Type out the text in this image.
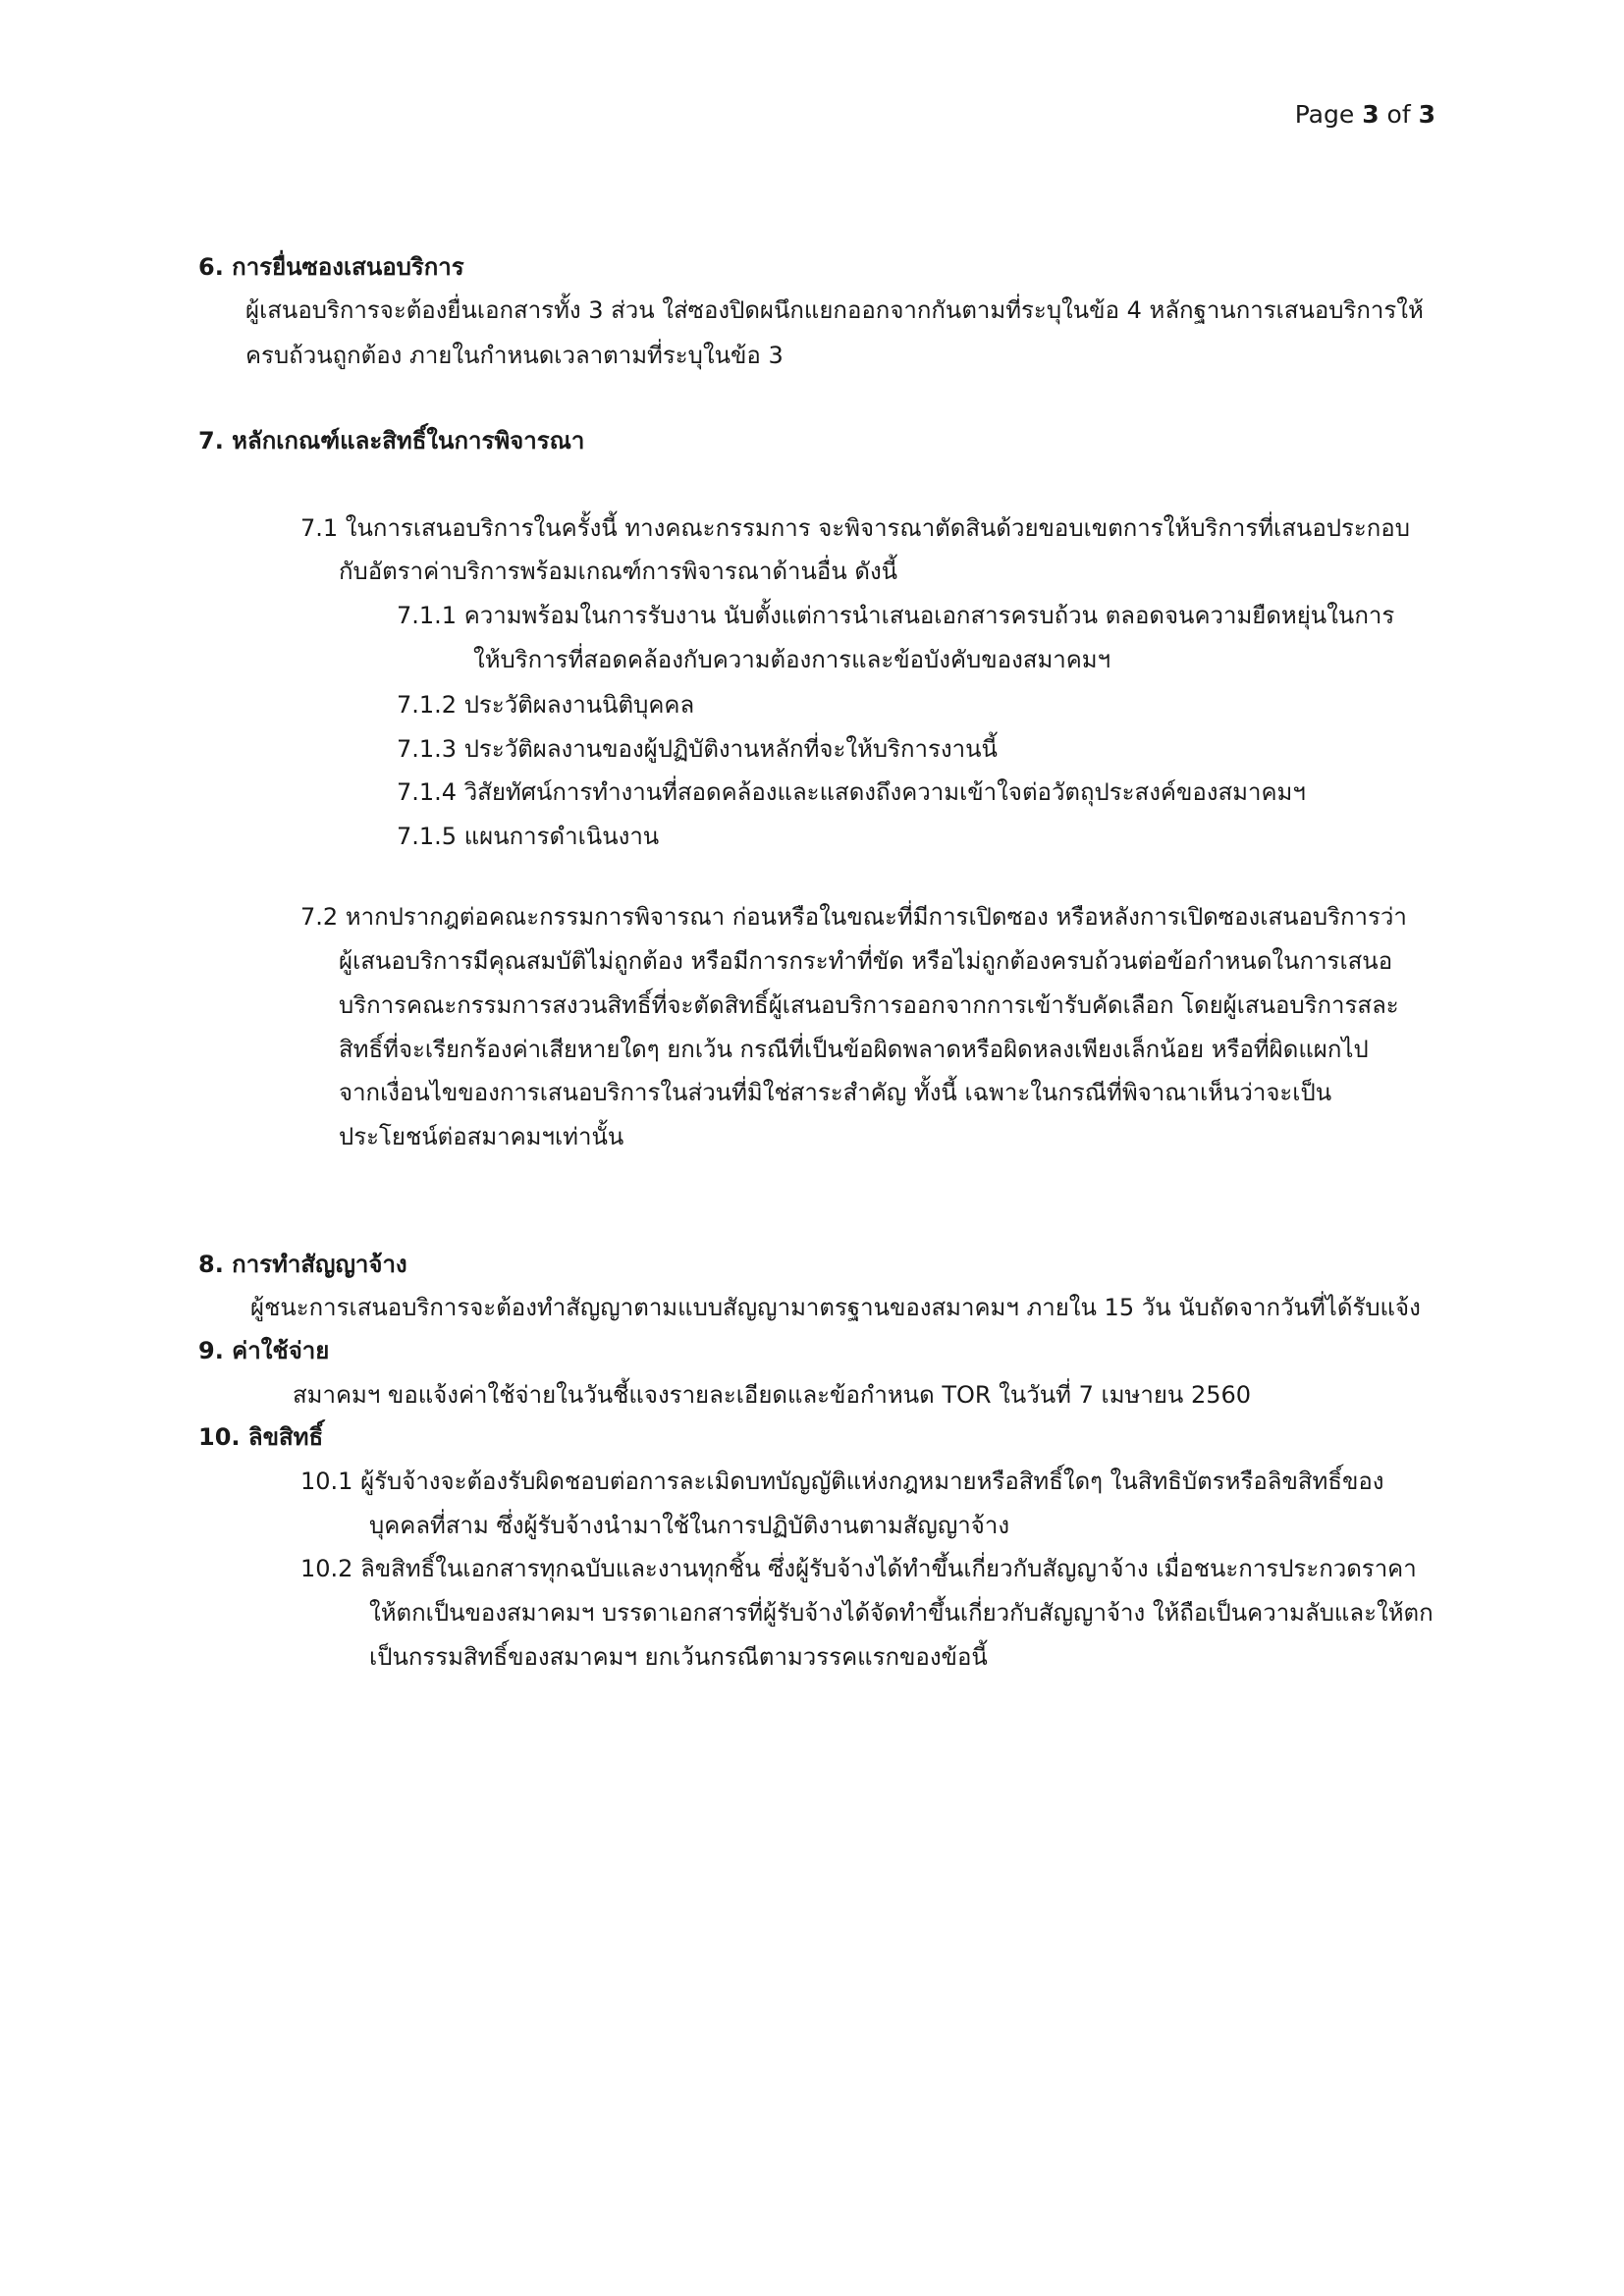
Page 3 of 3
6. การยื่นซองเสนอบริการ
ผู้เสนอบริการจะต้องยื่นเอกสารทั้ง 3 ส่วน ใส่ซองปิดผนึกแยกออกจากกันตามที่ระบุในข้อ 4 หลักฐานการเสนอบริการให้
ครบถ้วนถูกต้อง ภายในกำหนดเวลาตามที่ระบุในข้อ 3
7. หลักเกณฑ์และสิทธิ์ในการพิจารณา
7.1 ในการเสนอบริการในครั้งนี้ ทางคณะกรรมการ จะพิจารณาตัดสินด้วยขอบเขตการให้บริการที่เสนอประกอบ
กับอัตราค่าบริการพร้อมเกณฑ์การพิจารณาด้านอื่น ดังนี้
7.1.1 ความพร้อมในการรับงาน นับตั้งแต่การนำเสนอเอกสารครบถ้วน ตลอดจนความยืดหยุ่นในการ
ให้บริการที่สอดคล้องกับความต้องการและข้อบังคับของสมาคมฯ
7.1.2 ประวัติผลงานนิติบุคคล
7.1.3 ประวัติผลงานของผู้ปฏิบัติงานหลักที่จะให้บริการงานนี้
7.1.4 วิสัยทัศน์การทำงานที่สอดคล้องและแสดงถึงความเข้าใจต่อวัตถุประสงค์ของสมาคมฯ
7.1.5 แผนการดำเนินงาน
7.2 หากปรากฎต่อคณะกรรมการพิจารณา ก่อนหรือในขณะที่มีการเปิดซอง หรือหลังการเปิดซองเสนอบริการว่า
ผู้เสนอบริการมีคุณสมบัติไม่ถูกต้อง หรือมีการกระทำที่ขัด หรือไม่ถูกต้องครบถ้วนต่อข้อกำหนดในการเสนอ
บริการคณะกรรมการสงวนสิทธิ์ที่จะตัดสิทธิ์ผู้เสนอบริการออกจากการเข้ารับคัดเลือก โดยผู้เสนอบริการสละ
สิทธิ์ที่จะเรียกร้องค่าเสียหายใดๆ ยกเว้น กรณีที่เป็นข้อผิดพลาดหรือผิดหลงเพียงเล็กน้อย หรือที่ผิดแผกไป
จากเงื่อนไขของการเสนอบริการในส่วนที่มิใช่สาระสำคัญ ทั้งนี้ เฉพาะในกรณีที่พิจาณาเห็นว่าจะเป็น
ประโยชน์ต่อสมาคมฯเท่านั้น
8. การทำสัญญาจ้าง
ผู้ชนะการเสนอบริการจะต้องทำสัญญาตามแบบสัญญามาตรฐานของสมาคมฯ ภายใน 15 วัน นับถัดจากวันที่ได้รับแจ้ง
9. ค่าใช้จ่าย
สมาคมฯ ขอแจ้งค่าใช้จ่ายในวันชี้แจงรายละเอียดและข้อกำหนด TOR ในวันที่ 7 เมษายน 2560
10. ลิขสิทธิ์
10.1 ผู้รับจ้างจะต้องรับผิดชอบต่อการละเมิดบทบัญญัติแห่งกฎหมายหรือสิทธิ์ใดๆ ในสิทธิบัตรหรือลิขสิทธิ์ของ
บุคคลที่สาม ซึ่งผู้รับจ้างนำมาใช้ในการปฏิบัติงานตามสัญญาจ้าง
10.2 ลิขสิทธิ์ในเอกสารทุกฉบับและงานทุกชิ้น ซึ่งผู้รับจ้างได้ทำขึ้นเกี่ยวกับสัญญาจ้าง เมื่อชนะการประกวดราคา
ให้ตกเป็นของสมาคมฯ บรรดาเอกสารที่ผู้รับจ้างได้จัดทำขึ้นเกี่ยวกับสัญญาจ้าง ให้ถือเป็นความลับและให้ตก
เป็นกรรมสิทธิ์ของสมาคมฯ ยกเว้นกรณีตามวรรคแรกของข้อนี้
